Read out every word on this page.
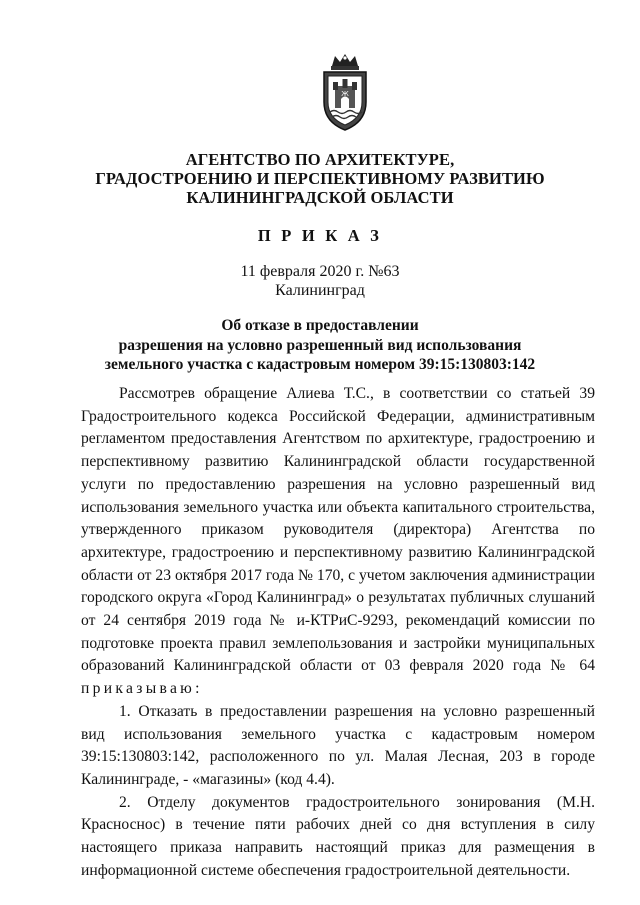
Ж
АГЕНТСТВО ПО АРХИТЕКТУРЕ,
ГРАДОСТРОЕНИЮ И ПЕРСПЕКТИВНОМУ РАЗВИТИЮ
КАЛИНИНГРАДСКОЙ ОБЛАСТИ
П Р И К А З
11 февраля 2020 г. №63
Калининград
Об отказе в предоставлении
разрешения на условно разрешенный вид использования
земельного участка с кадастровым номером 39:15:130803:142

Рассмотрев обращение Алиева Т.С., в соответствии со статьей 39 Градостроительного кодекса Российской Федерации, административным регламентом предоставления Агентством по архитектуре, градостроению и перспективному развитию Калининградской области государственной услуги по предоставлению разрешения на условно разрешенный вид использования земельного участка или объекта капитального строительства, утвержденного приказом руководителя (директора) Агентства по архитектуре, градостроению и перспективному развитию Калининградской области от 23 октября 2017 года № 170, с учетом заключения администрации городского округа «Город Калининград» о результатах публичных слушаний от 24 сентября 2019 года № и-КТРиС-9293, рекомендаций комиссии по подготовке проекта правил землепользования и застройки муниципальных образований Калининградской области от 03 февраля 2020 года № 64 приказываю:

1. Отказать в предоставлении разрешения на условно разрешенный вид использования земельного участка с кадастровым номером 39:15:130803:142, расположенного по ул. Малая Лесная, 203 в городе Калининграде, - «магазины» (код 4.4).

2. Отделу документов градостроительного зонирования (М.Н. Красноснос) в течение пяти рабочих дней со дня вступления в силу настоящего приказа направить настоящий приказ для размещения в информационной системе обеспечения градостроительной деятельности.
